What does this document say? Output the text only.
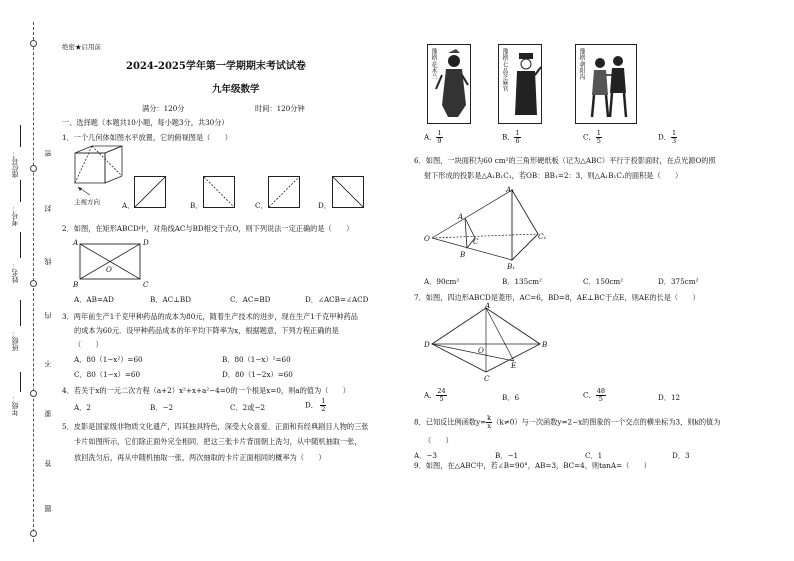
密
封
线
内
不
要
答
题
年级：
班级：
姓名：
考号：
座位号：
绝密★启用前
2024-2025学年第一学期期末考试试卷
九年级数学
满分：120分	时间：120分钟
一、选择题（本题共10小题，每小题3分，共30分）
1．一个几何体如图水平放置，它的俯视图是（　　）
主视方向	A．	B．	C．	D．
2．如图，在矩形ABCD中，对角线AC与BD相交于点O，则下列说法一定正确的是（　　）
A	D
B	C
O
A．AB=AD	B．AC⊥BD	C．AC=BD	D．∠ACB=∠ACD
3．两年前生产1千克甲种药品的成本为80元，随着生产技术的进步，现在生产1千克甲种药品
的成本为60元．设甲种药品成本的年平均下降率为x，根据题意，下列方程正确的是
（　　）
A．80（1−x²）=60	B．80（1−x）²=60
C．80（1−x）=60	D．80（1−2x）=60
4．若关于x的一元二次方程（a+2）x²+x+a²−4=0的一个根是x=0，则a的值为（　　）
A．2	B．−2	C．2或−2	D． $\frac{1}{2}$
5．皮影是国家级非物质文化遗产，四其独具特色，深受大众喜爱．正面和有经典剧目人物的三张
卡片如图所示，它们除正面外完全相同．把这三张卡片背面朝上洗匀，从中随机抽取一张，
放回洗匀后，再从中随机抽取一张，两次抽取的卡片正面相同的概率为（　　）
豫剧·花木兰	豫剧·七品芝麻官	豫剧·朝阳沟
A． $\frac{1}{9}$	B． $\frac{1}{6}$	C． $\frac{1}{5}$	D． $\frac{1}{3}$
6．如图，一块面积为60 cm²的三角形硬纸板（记为△ABC）平行于投影面时，在点光源O的照
射下形成的投影是△A₁B₁C₁，若OB：BB₁=2：3，则△A₁B₁C₁的面积是（　　）
O
A
B
C
A₁
B₁
C₁
A．90cm²	B．135cm²	C．150cm²	D．375cm²
7．如图，四边形ABCD是菱形，AC=6，BD=8，AE⊥BC于点E，则AE的长是（　　）
A
B
C
D
O
E
A． $\frac{24}{5}$	B．6	C． $\frac{48}{5}$	D．12
8．已知反比例函数$y= \frac{k}{x} (k\ne 0)$与一次函数y=2−x的图象的一个交点的横坐标为3，则k的值为
（　　）
A．−3	B．−1	C．1	D．3
9．如图，在△ABC中，若∠B=90°，AB=3，BC=4，则tanA=（　　）
